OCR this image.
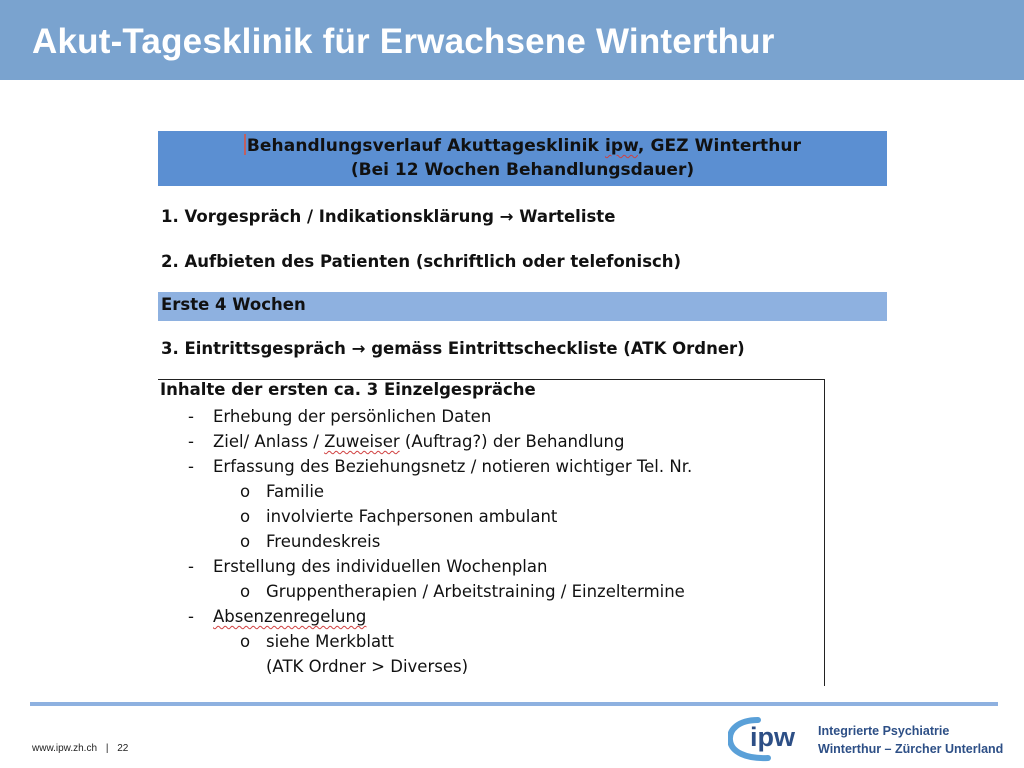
Akut-Tagesklinik für Erwachsene Winterthur
Behandlungsverlauf Akuttagesklinik ipw, GEZ Winterthur
(Bei 12 Wochen Behandlungsdauer)
1. Vorgespräch / Indikationsklärung → Warteliste
2. Aufbieten des Patienten (schriftlich oder telefonisch)
Erste 4 Wochen
3. Eintrittsgespräch → gemäss Eintrittscheckliste (ATK Ordner)
Inhalte der ersten ca. 3 Einzelgespräche
- Erhebung der persönlichen Daten
- Ziel/ Anlass / Zuweiser (Auftrag?) der Behandlung
- Erfassung des Beziehungsnetz / notieren wichtiger Tel. Nr.
o Familie
o involvierte Fachpersonen ambulant
o Freundeskreis
- Erstellung des individuellen Wochenplan
o Gruppentherapien / Arbeitstraining / Einzeltermine
- Absenzenregelung
o siehe Merkblatt
(ATK Ordner > Diverses)
www.ipw.zh.ch | 22	ipw Integrierte Psychiatrie
Winterthur – Zürcher Unterland
